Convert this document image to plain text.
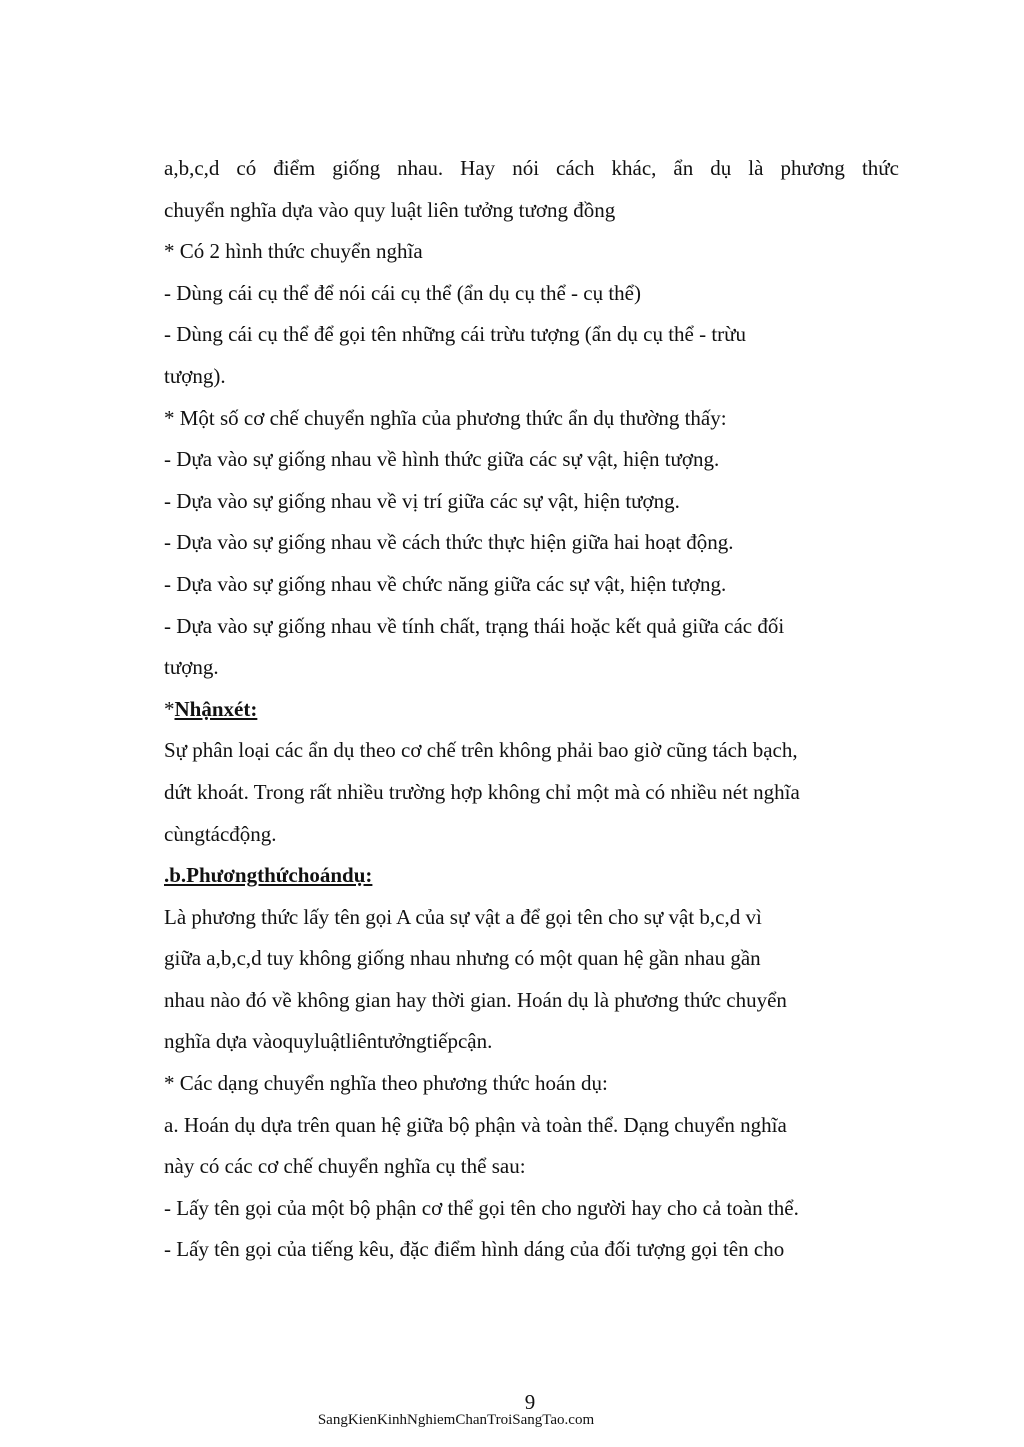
a,b,c,d có điểm giống nhau. Hay nói cách khác, ẩn dụ là phương thức
chuyển nghĩa dựa vào quy luật liên tưởng tương đồng
* Có 2 hình thức chuyển nghĩa
- Dùng cái cụ thể để nói cái cụ thể (ẩn dụ cụ thể - cụ thể)
- Dùng cái cụ thể để gọi tên những cái trừu tượng (ẩn dụ cụ thể - trừu
tượng).
* Một số cơ chế chuyển nghĩa của phương thức ẩn dụ thường thấy:
- Dựa vào sự giống nhau về hình thức giữa các sự vật, hiện tượng.
- Dựa vào sự giống nhau về vị trí giữa các sự vật, hiện tượng.
- Dựa vào sự giống nhau về cách thức thực hiện giữa hai hoạt động.
- Dựa vào sự giống nhau về chức năng giữa các sự vật, hiện tượng.
- Dựa vào sự giống nhau về tính chất, trạng thái hoặc kết quả giữa các đối
tượng.
*Nhậnxét:
Sự phân loại các ẩn dụ theo cơ chế trên không phải bao giờ cũng tách bạch,
dứt khoát. Trong rất nhiều trường hợp không chỉ một mà có nhiều nét nghĩa
cùngtácđộng.
.b.Phươngthứchoándụ:
Là phương thức lấy tên gọi A của sự vật a để gọi tên cho sự vật b,c,d vì
giữa a,b,c,d tuy không giống nhau nhưng có một quan hệ gần nhau gần
nhau nào đó về không gian hay thời gian. Hoán dụ là phương thức chuyển
nghĩa dựa vàoquyluậtliêntưởngtiếpcận.
* Các dạng chuyển nghĩa theo phương thức hoán dụ:
a. Hoán dụ dựa trên quan hệ giữa bộ phận và toàn thể. Dạng chuyển nghĩa
này có các cơ chế chuyển nghĩa cụ thể sau:
- Lấy tên gọi của một bộ phận cơ thể gọi tên cho người hay cho cả toàn thể.
- Lấy tên gọi của tiếng kêu, đặc điểm hình dáng của đối tượng gọi tên cho
9
SangKienKinhNghiemChanTroiSangTao.com
